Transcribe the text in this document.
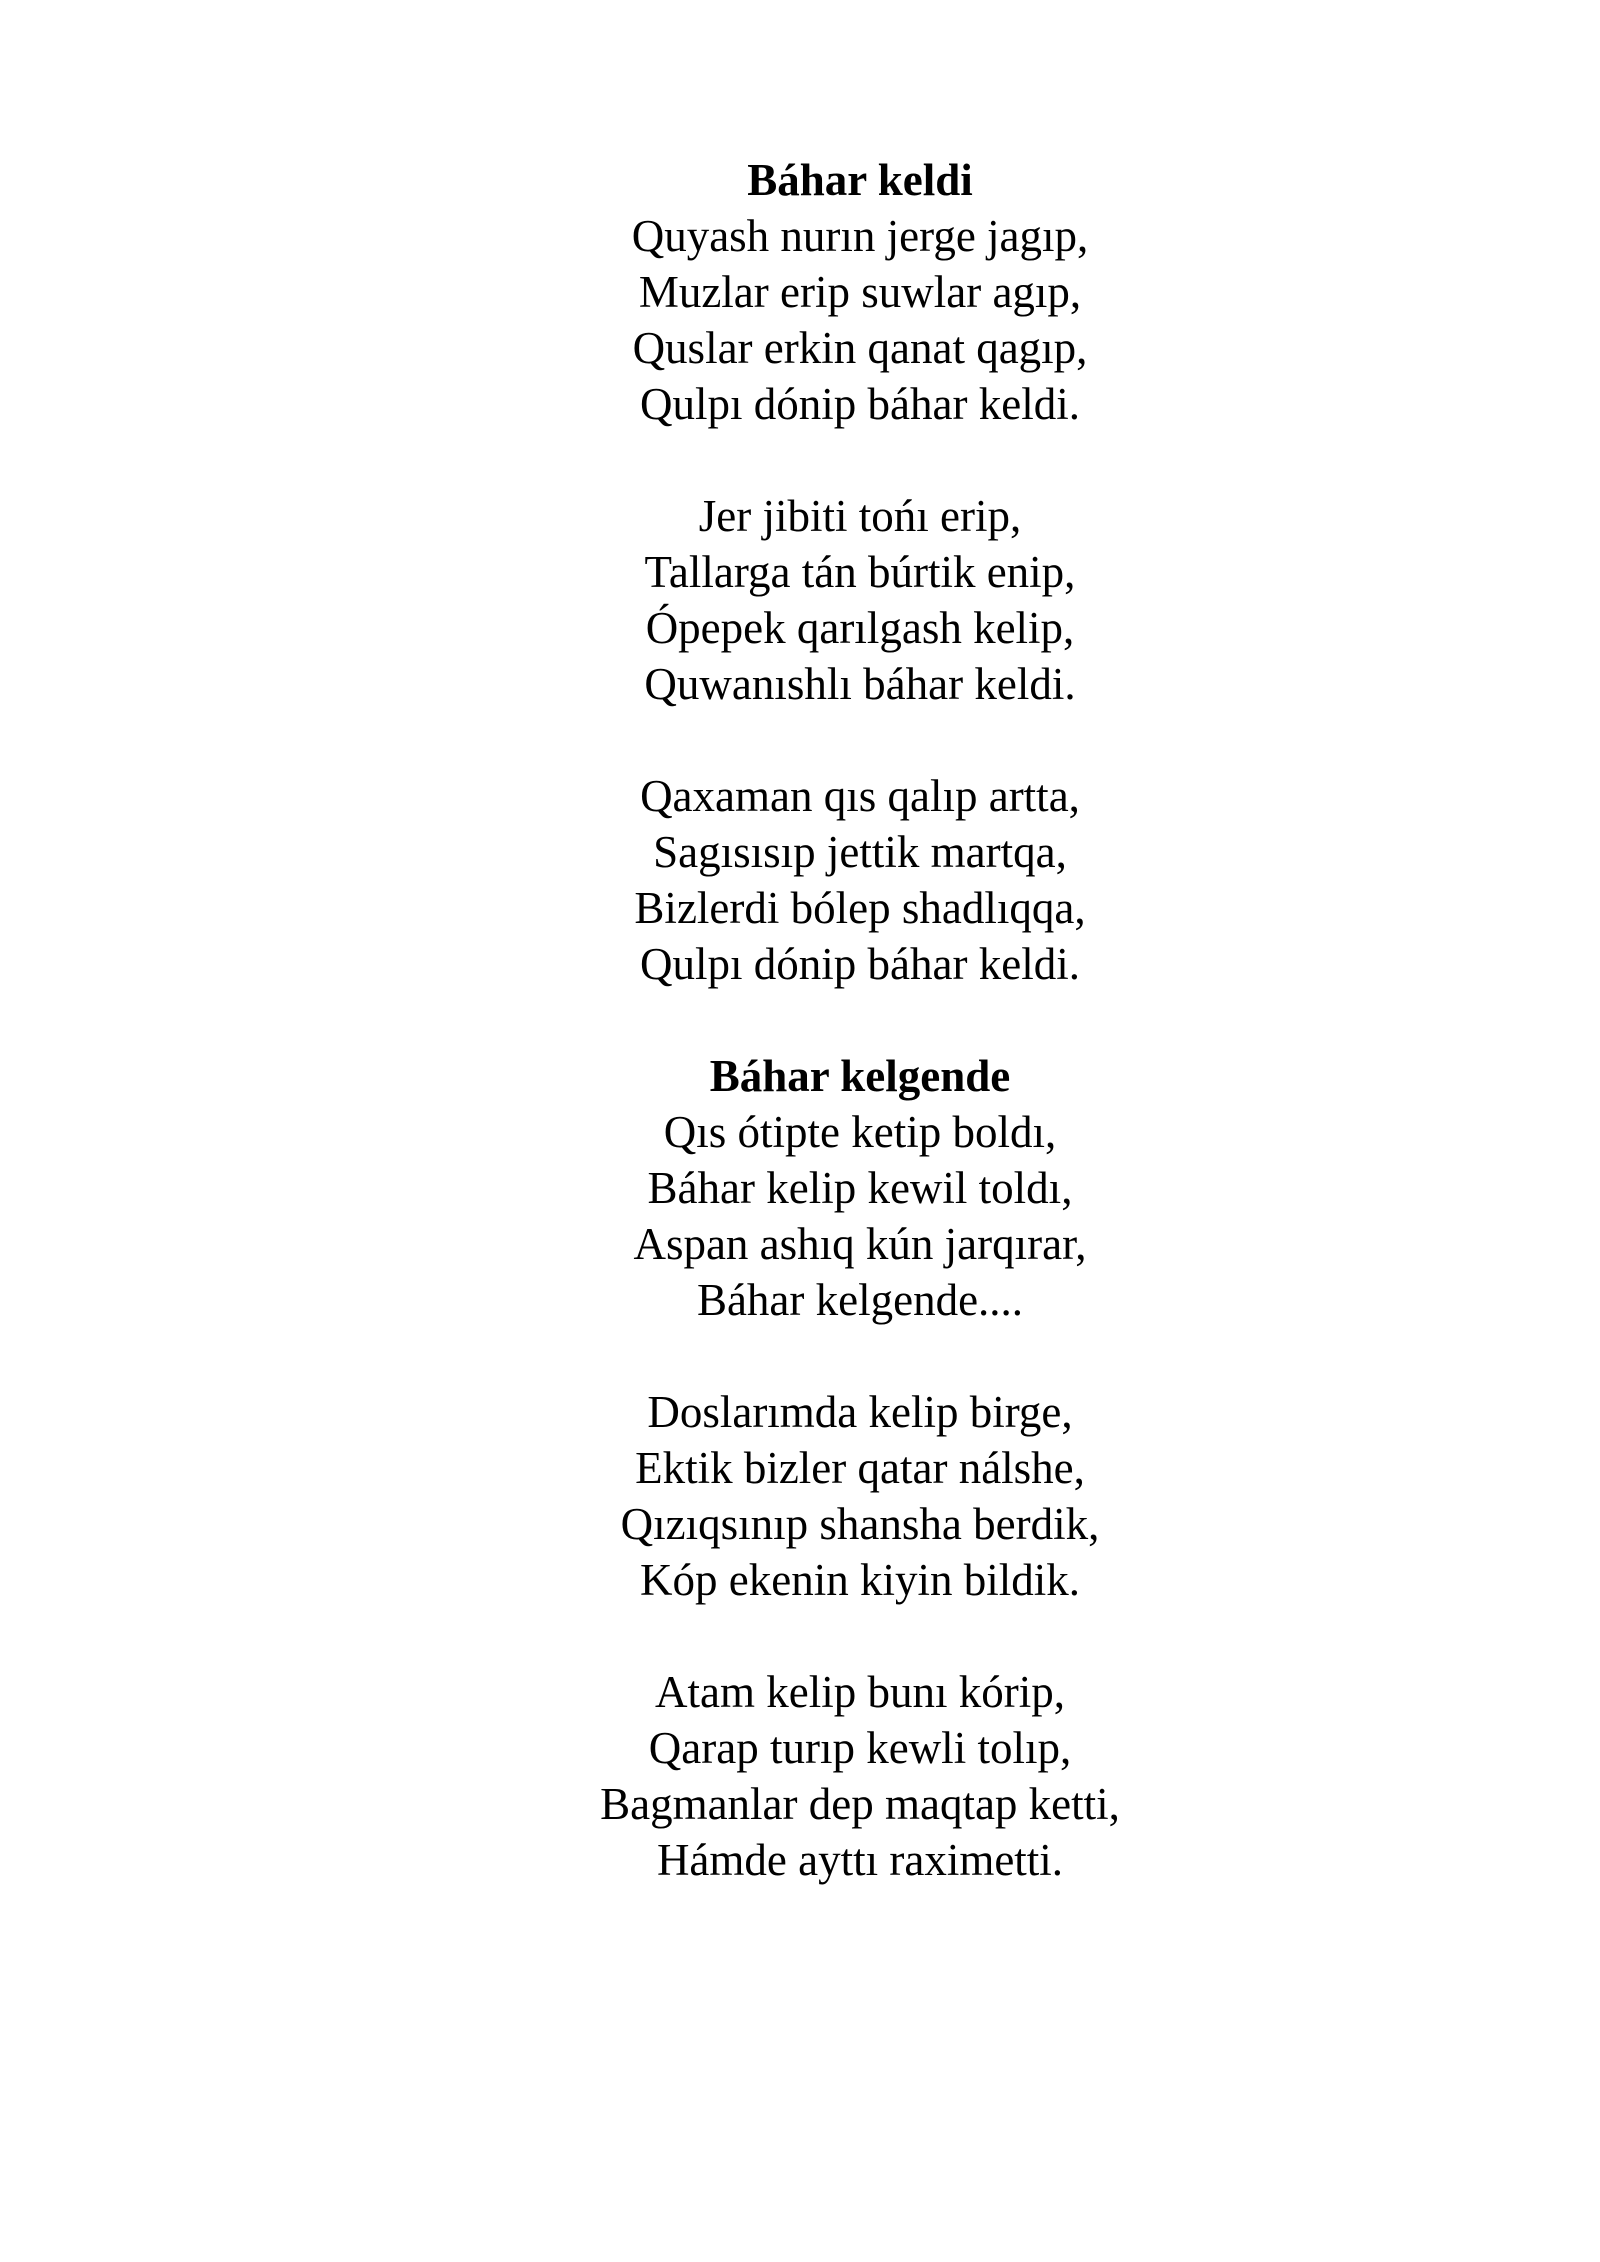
Báhar keldi
Quyash nurın jerge jagıp,
Muzlar erip suwlar agıp,
Quslar erkin qanat qagıp,
Qulpı dónip báhar keldi.
Jer jibiti tońı erip,
Tallarga tán búrtik enip,
Ópepek qarılgash kelip,
Quwanıshlı báhar keldi.
Qaxaman qıs qalıp artta,
Sagısısıp jettik martqa,
Bizlerdi bólep shadlıqqa,
Qulpı dónip báhar keldi.
Báhar kelgende
Qıs ótipte ketip boldı,
Báhar kelip kewil toldı,
Aspan ashıq kún jarqırar,
Báhar kelgende....
Doslarımda kelip birge,
Ektik bizler qatar nálshe,
Qızıqsınıp shansha berdik,
Kóp ekenin kiyin bildik.
Atam kelip bunı kórip,
Qarap turıp kewli tolıp,
Bagmanlar dep maqtap ketti,
Hámde ayttı raximetti.
